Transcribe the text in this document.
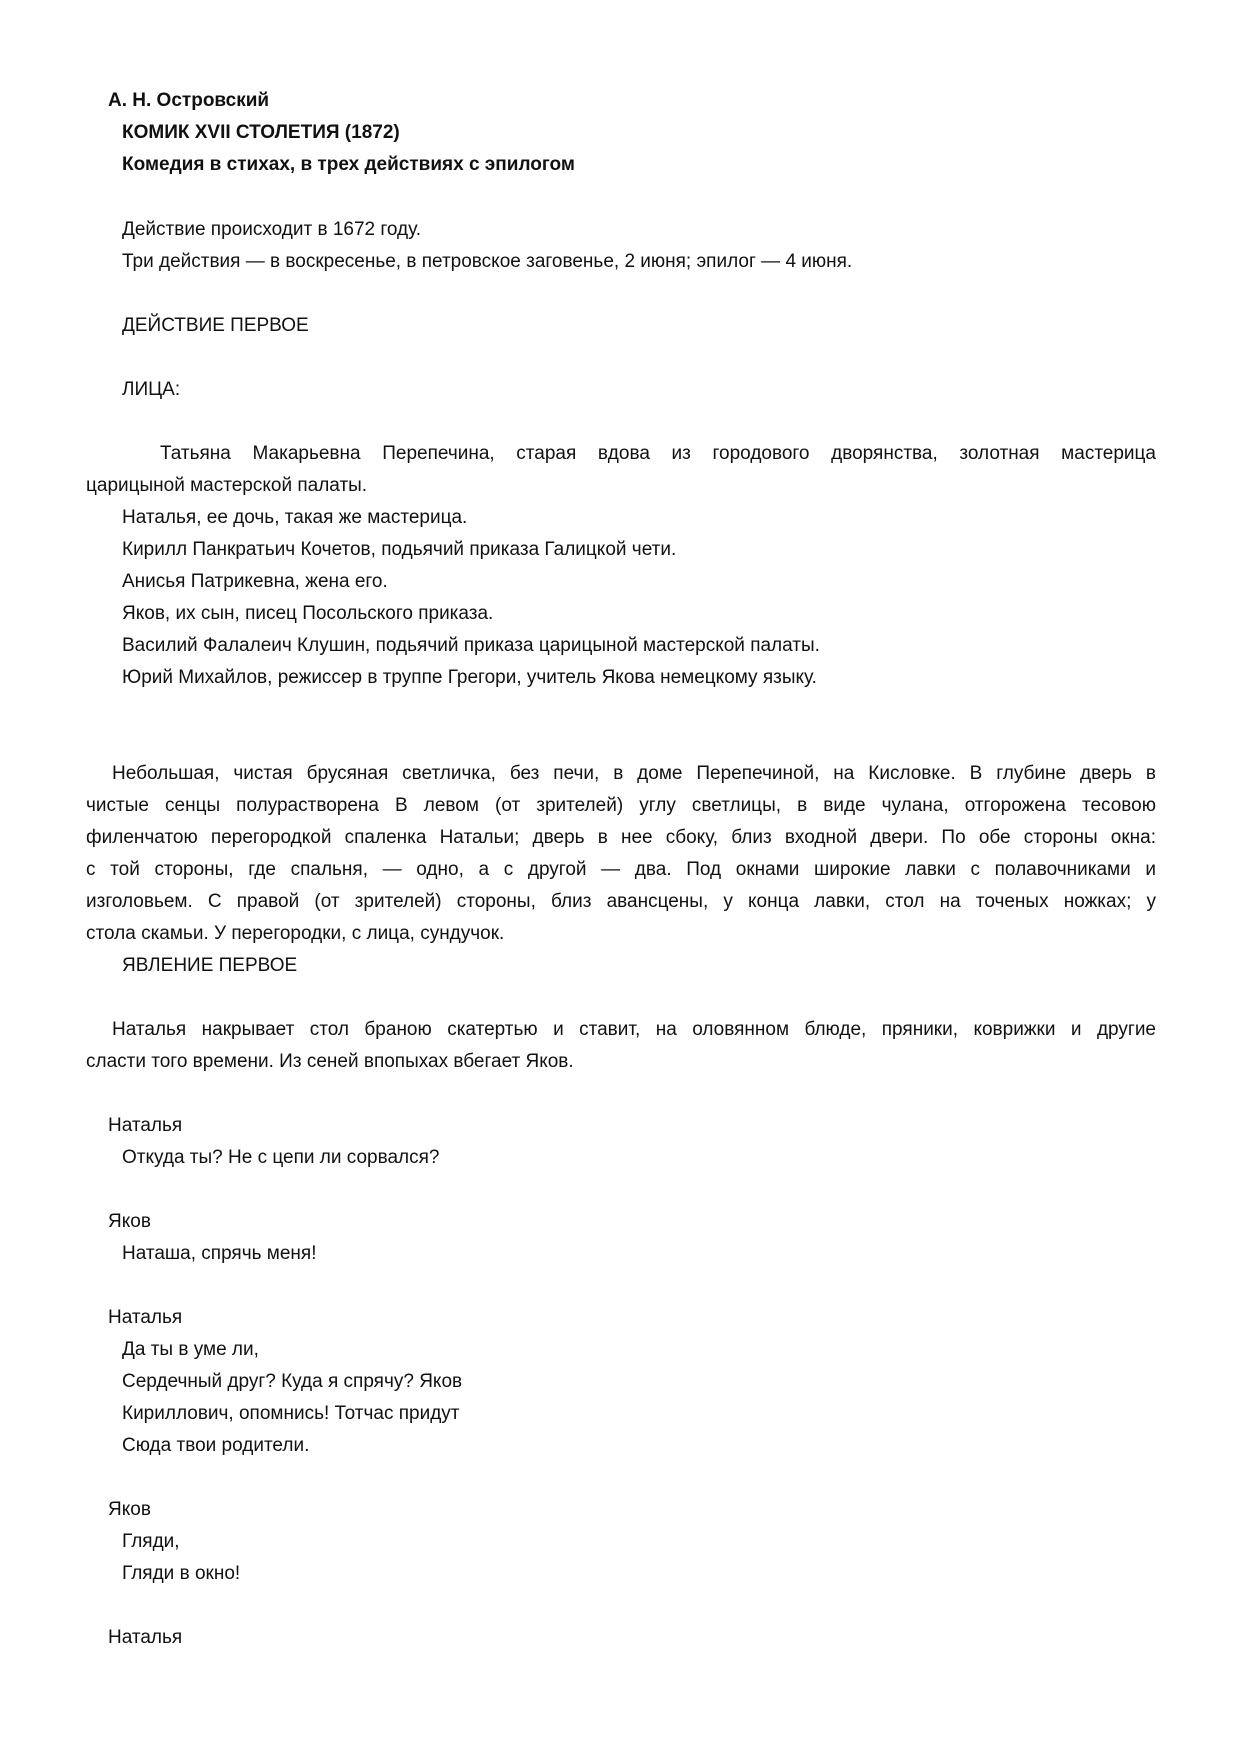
А. Н. Островский
КОМИК XVII СТОЛЕТИЯ (1872)
Комедия в стихах, в трех действиях с эпилогом
Действие происходит в 1672 году.
Три действия — в воскресенье, в петровское заговенье, 2 июня; эпилог — 4 июня.
ДЕЙСТВИЕ ПЕРВОЕ
ЛИЦА:
Татьяна Макарьевна Перепечина, старая вдова из городового дворянства, золотная мастерица
царицыной мастерской палаты.
Наталья, ее дочь, такая же мастерица.
Кирилл Панкратьич Кочетов, подьячий приказа Галицкой чети.
Анисья Патрикевна, жена его.
Яков, их сын, писец Посольского приказа.
Василий Фалалеич Клушин, подьячий приказа царицыной мастерской палаты.
Юрий Михайлов, режиссер в труппе Грегори, учитель Якова немецкому языку.
Небольшая, чистая брусяная светличка, без печи, в доме Перепечиной, на Кисловке. В глубине дверь в
чистые сенцы полурастворена В левом (от зрителей) углу светлицы, в виде чулана, отгорожена тесовою
филенчатою перегородкой спаленка Натальи; дверь в нее сбоку, близ входной двери. По обе стороны окна:
с той стороны, где спальня, — одно, а с другой — два. Под окнами широкие лавки с полавочниками и
изголовьем. С правой (от зрителей) стороны, близ авансцены, у конца лавки, стол на точеных ножках; у
стола скамьи. У перегородки, с лица, сундучок.
ЯВЛЕНИЕ ПЕРВОЕ
Наталья накрывает стол браною скатертью и ставит, на оловянном блюде, пряники, коврижки и другие
сласти того времени. Из сеней впопыхах вбегает Яков.
Наталья
Откуда ты? Не с цепи ли сорвался?
Яков
Наташа, спрячь меня!
Наталья
Да ты в уме ли,
Сердечный друг? Куда я спрячу? Яков
Кириллович, опомнись! Тотчас придут
Сюда твои родители.
Яков
Гляди,
Гляди в окно!
Наталья
